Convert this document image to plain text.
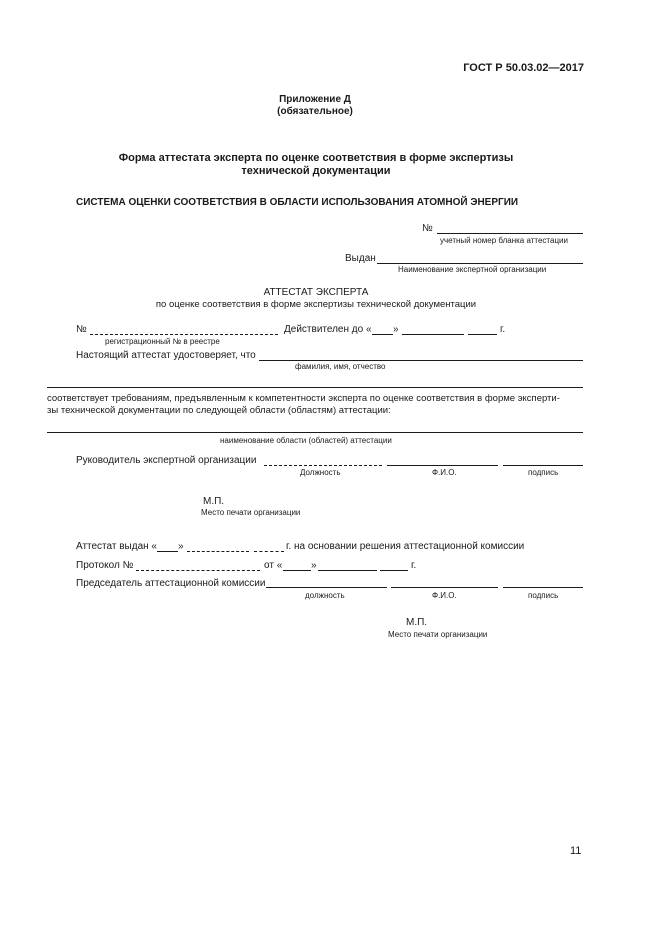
ГОСТ Р 50.03.02—2017
Приложение Д
(обязательное)
Форма аттестата эксперта по оценке соответствия в форме экспертизы
технической документации
СИСТЕМА ОЦЕНКИ СООТВЕТСТВИЯ В ОБЛАСТИ ИСПОЛЬЗОВАНИЯ АТОМНОЙ ЭНЕРГИИ
№
учетный номер бланка аттестации
Выдан
Наименование экспертной организации
АТТЕСТАТ ЭКСПЕРТА
по оценке соответствия в форме экспертизы технической документации
№	Действителен до « »	г.
регистрационный № в реестре
Настоящий аттестат удостоверяет, что
фамилия, имя, отчество
соответствует требованиям, предъявленным к компетентности эксперта по оценке соответствия в форме эксперти-
зы технической документации по следующей области (областям) аттестации:
наименование области (областей) аттестации
Руководитель экспертной организации
Должность	Ф.И.О.	подпись
М.П.
Место печати организации
Аттестат выдан « »	г. на основании решения аттестационной комиссии
Протокол №	от «	»	г.
Председатель аттестационной комиссии
должность	Ф.И.О.	подпись
М.П.
Место печати организации
11
